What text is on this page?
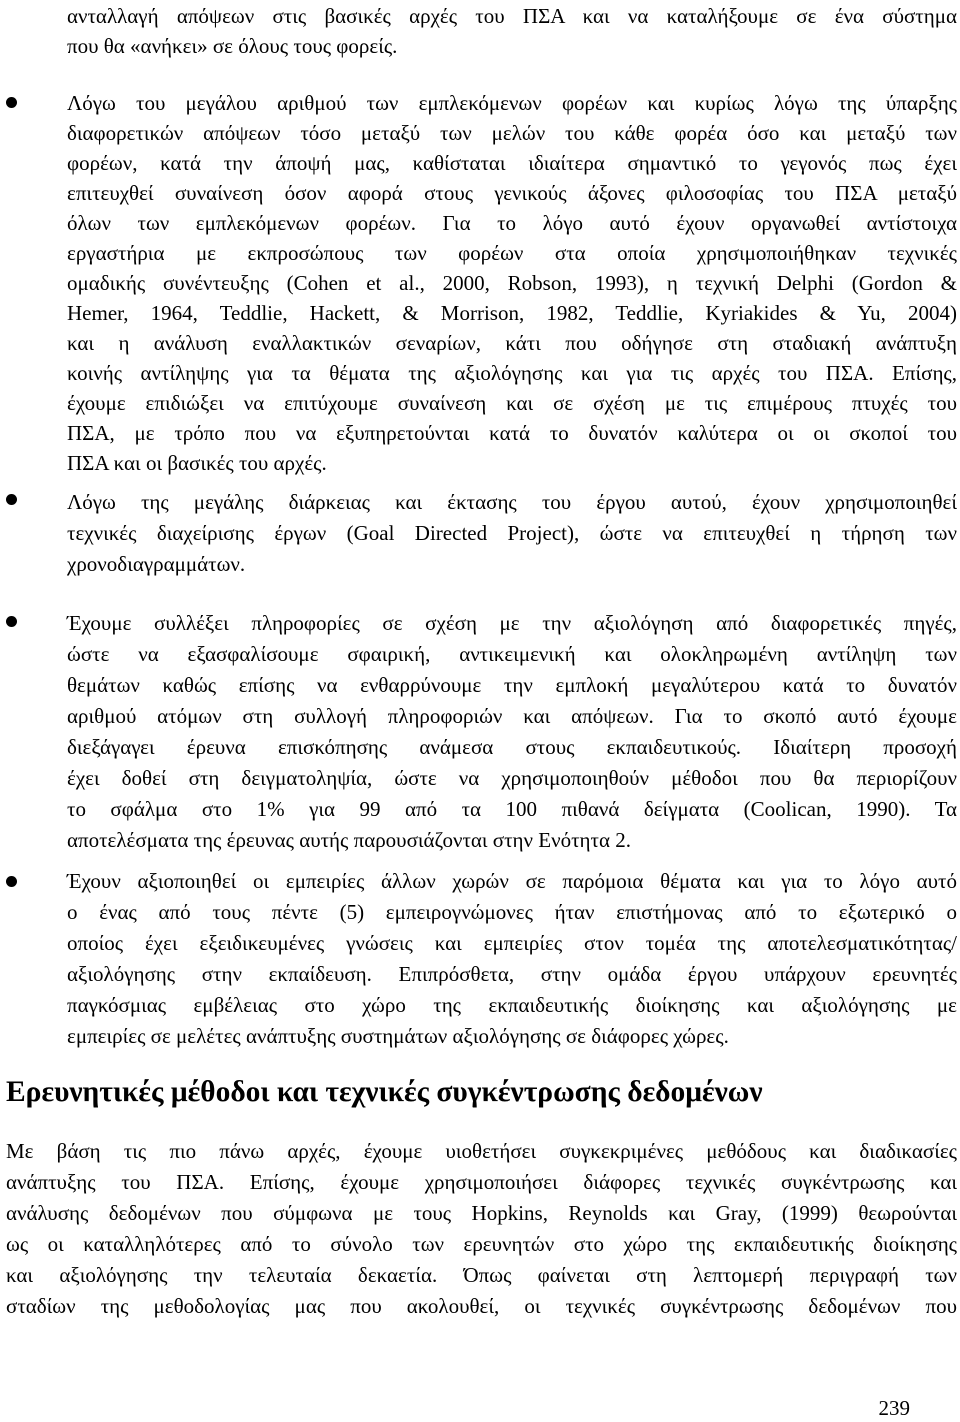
ανταλλαγή απόψεων στις βασικές αρχές του ΠΣΑ και να καταλήξουμε σε ένα σύστημα
που θα «ανήκει» σε όλους τους φορείς.
Λόγω του μεγάλου αριθμού των εμπλεκόμενων φορέων και κυρίως λόγω της ύπαρξης
διαφορετικών απόψεων τόσο μεταξύ των μελών του κάθε φορέα όσο και μεταξύ των
φορέων, κατά την άποψή μας, καθίσταται ιδιαίτερα σημαντικό το γεγονός πως έχει
επιτευχθεί συναίνεση όσον αφορά στους γενικούς άξονες φιλοσοφίας του ΠΣΑ μεταξύ
όλων των εμπλεκόμενων φορέων. Για το λόγο αυτό έχουν οργανωθεί αντίστοιχα
εργαστήρια με εκπροσώπους των φορέων στα οποία χρησιμοποιήθηκαν τεχνικές
ομαδικής συνέντευξης (Cohen et al., 2000, Robson, 1993), η τεχνική Delphi (Gordon &
Hemer, 1964, Teddlie, Hackett, & Morrison, 1982, Teddlie, Kyriakides & Yu, 2004)
και η ανάλυση εναλλακτικών σεναρίων, κάτι που οδήγησε στη σταδιακή ανάπτυξη
κοινής αντίληψης για τα θέματα της αξιολόγησης και για τις αρχές του ΠΣΑ. Επίσης,
έχουμε επιδιώξει να επιτύχουμε συναίνεση και σε σχέση με τις επιμέρους πτυχές του
ΠΣΑ, με τρόπο που να εξυπηρετούνται κατά το δυνατόν καλύτερα οι οι σκοποί του
ΠΣΑ και οι βασικές του αρχές.
Λόγω της μεγάλης διάρκειας και έκτασης του έργου αυτού, έχουν χρησιμοποιηθεί
τεχνικές διαχείρισης έργων (Goal Directed Project), ώστε να επιτευχθεί η τήρηση των
χρονοδιαγραμμάτων.
Έχουμε συλλέξει πληροφορίες σε σχέση με την αξιολόγηση από διαφορετικές πηγές,
ώστε να εξασφαλίσουμε σφαιρική, αντικειμενική και ολοκληρωμένη αντίληψη των
θεμάτων καθώς επίσης να ενθαρρύνουμε την εμπλοκή μεγαλύτερου κατά το δυνατόν
αριθμού ατόμων στη συλλογή πληροφοριών και απόψεων. Για το σκοπό αυτό έχουμε
διεξάγαγει έρευνα επισκόπησης ανάμεσα στους εκπαιδευτικούς. Ιδιαίτερη προσοχή
έχει δοθεί στη δειγματοληψία, ώστε να χρησιμοποιηθούν μέθοδοι που θα περιορίζουν
το σφάλμα στο 1% για 99 από τα 100 πιθανά δείγματα (Coolican, 1990). Τα
αποτελέσματα της έρευνας αυτής παρουσιάζονται στην Ενότητα 2.
Έχουν αξιοποιηθεί οι εμπειρίες άλλων χωρών σε παρόμοια θέματα και για το λόγο αυτό
ο ένας από τους πέντε (5) εμπειρογνώμονες ήταν επιστήμονας από το εξωτερικό ο
οποίος έχει εξειδικευμένες γνώσεις και εμπειρίες στον τομέα της αποτελεσματικότητας/
αξιολόγησης στην εκπαίδευση. Επιπρόσθετα, στην ομάδα έργου υπάρχουν ερευνητές
παγκόσμιας εμβέλειας στο χώρο της εκπαιδευτικής διοίκησης και αξιολόγησης με
εμπειρίες σε μελέτες ανάπτυξης συστημάτων αξιολόγησης σε διάφορες χώρες.
Ερευνητικές μέθοδοι και τεχνικές συγκέντρωσης δεδομένων
Με βάση τις πιο πάνω αρχές, έχουμε υιοθετήσει συγκεκριμένες μεθόδους και διαδικασίες
ανάπτυξης του ΠΣΑ. Επίσης, έχουμε χρησιμοποιήσει διάφορες τεχνικές συγκέντρωσης και
ανάλυσης δεδομένων που σύμφωνα με τους Hopkins, Reynolds και Gray, (1999) θεωρούνται
ως οι καταλληλότερες από το σύνολο των ερευνητών στο χώρο της εκπαιδευτικής διοίκησης
και αξιολόγησης την τελευταία δεκαετία. Όπως φαίνεται στη λεπτομερή περιγραφή των
σταδίων της μεθοδολογίας μας που ακολουθεί, οι τεχνικές συγκέντρωσης δεδομένων που
239
